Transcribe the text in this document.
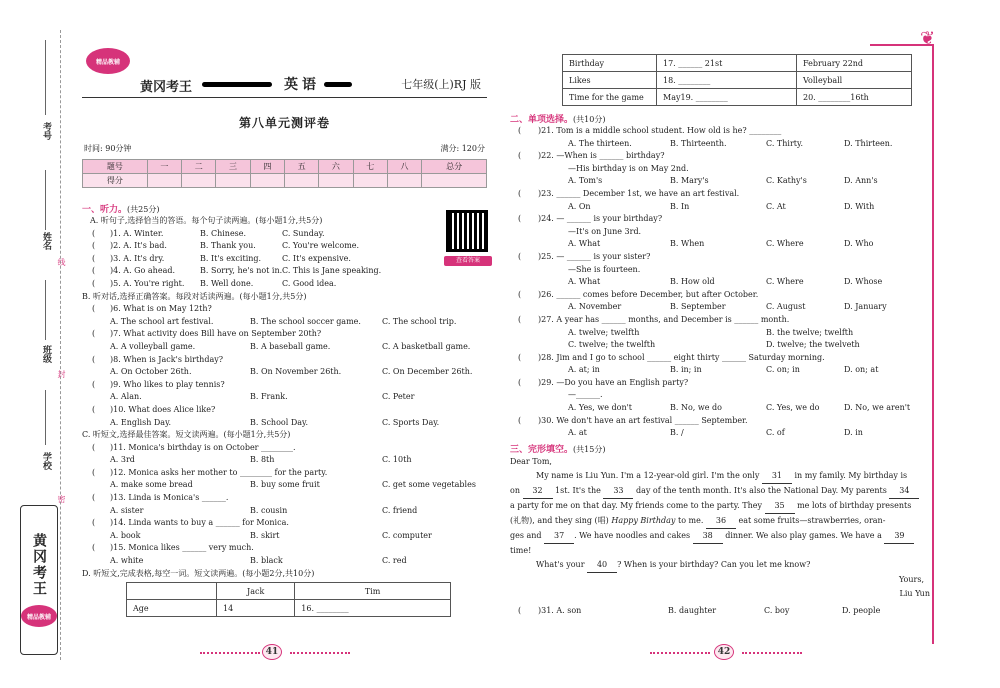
考号
姓名
线
班级
封
学校
密
黄冈考王
精品教辅
精品教辅
黄冈考王	英语	七年级(上)RJ 版
第八单元测评卷
时间: 90分钟	满分: 120分
题号	一	二	三	四	五	六	七	八	总分
得分									
一、听力。(共25分)
A. 听句子,选择恰当的答语。每个句子读两遍。(每小题1分,共5分)
(	)1. A. Winter.	B. Chinese.	C. Sunday.
(	)2. A. It's bad.	B. Thank you.	C. You're welcome.
(	)3. A. It's dry.	B. It's exciting.	C. It's expensive.
(	)4. A. Go ahead.	B. Sorry, he's not in. C. This is Jane speaking.
(	)5. A. You're right.	B. Well done.	C. Good idea.
B. 听对话,选择正确答案。每段对话读两遍。(每小题1分,共5分)
(	)6. What is on May 12th?
A. The school art festival.	B. The school soccer game.	C. The school trip.
(	)7. What activity does Bill have on September 20th?
A. A volleyball game.	B. A baseball game.	C. A basketball game.
(	)8. When is Jack's birthday?
A. On October 26th.	B. On November 26th.	C. On December 26th.
(	)9. Who likes to play tennis?
A. Alan.	B. Frank.	C. Peter
(	)10. What does Alice like?
A. English Day.	B. School Day.	C. Sports Day.
C. 听短文,选择最佳答案。短文读两遍。(每小题1分,共5分)
(	)11. Monica's birthday is on October ________.
A. 3rd	B. 8th	C. 10th
(	)12. Monica asks her mother to ________ for the party.
A. make some bread	B. buy some fruit	C. get some vegetables
(	)13. Linda is Monica's ______.
A. sister	B. cousin	C. friend
(	)14. Linda wants to buy a ______ for Monica.
A. book	B. skirt	C. computer
(	)15. Monica likes ______ very much.
A. white	B. black	C. red
D. 听短文,完成表格,每空一词。短文读两遍。(每小题2分,共10分)
	Jack	Tim
Age	14	16. ________
查看答案
41
Birthday	17. ______ 21st	February 22nd
Likes	18. ________	Volleyball
Time for the game	May19. ________	20. ________16th
二、单项选择。(共10分)
(	)21. Tom is a middle school student. How old is he? ________
A. The thirteen.	B. Thirteenth.	C. Thirty.	D. Thirteen.
(	)22. —When is ______ birthday?
—His birthday is on May 2nd.
A. Tom's	B. Mary's	C. Kathy's	D. Ann's
(	)23. ______ December 1st, we have an art festival.
A. On	B. In	C. At	D. With
(	)24. — ______ is your birthday?
—It's on June 3rd.
A. What	B. When	C. Where	D. Who
(	)25. — ______ is your sister?
—She is fourteen.
A. What	B. How old	C. Where	D. Whose
(	)26. ______ comes before December, but after October.
A. November	B. September	C. August	D. January
(	)27. A year has ______ months, and December is ______ month.
A. twelve; twelfth	B. the twelve; twelfth
C. twelve; the twelfth	D. twelve; the twelveth
(	)28. Jim and I go to school ______ eight thirty ______ Saturday morning.
A. at; in	B. in; in	C. on; in	D. on; at
(	)29. —Do you have an English party?
—______.
A. Yes, we don't	B. No, we do	C. Yes, we do	D. No, we aren't
(	)30. We don't have an art festival ______ September.
A. at	B. /	C. of	D. in
三、完形填空。(共15分)

Dear Tom,

My name is Liu Yun. I'm a 12-year-old girl. I'm the only 31 in my family. My birthday is

on 32 1st. It's the 33 day of the tenth month. It's also the National Day. My parents 34

a party for me on that day. My friends come to the party. They 35 me lots of birthday presents

(礼物), and they sing (唱) Happy Birthday to me. 36 eat some fruits—strawberries, oran-

ges and 37 . We have noodles and cakes 38 dinner. We also play games. We have a 39

time!

What's your 40 ? When is your birthday? Can you let me know?

Yours,

Liu Yun

(	)31. A. son	B. daughter	C. boy	D. people
❦
42
